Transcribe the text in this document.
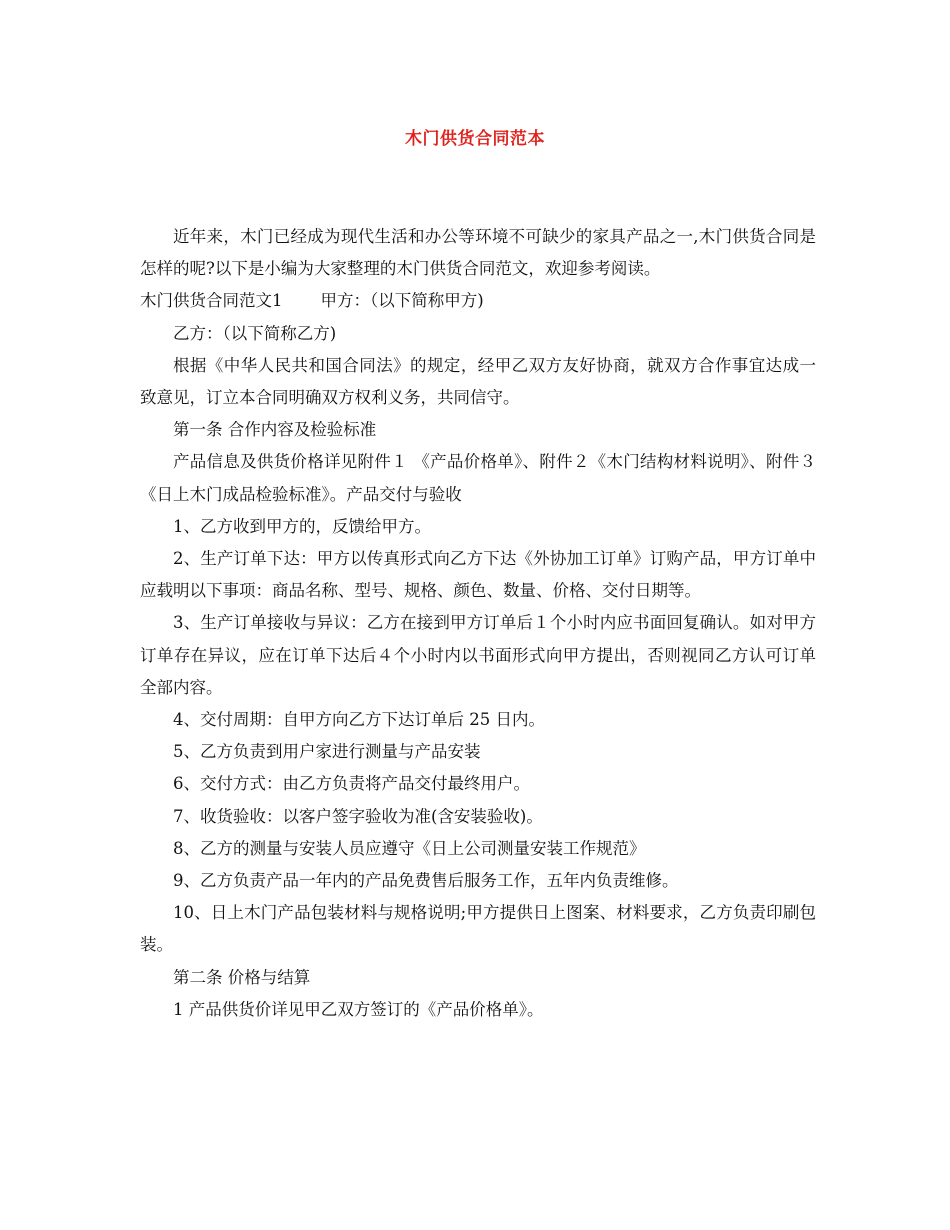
木门供货合同范本

近年来，木门已经成为现代生活和办公等环境不可缺少的家具产品之一,木门供货合同是怎样的呢?以下是小编为大家整理的木门供货合同范文，欢迎参考阅读。

木门供货合同范文1 甲方：（以下简称甲方)

乙方：（以下简称乙方)

根据《中华人民共和国合同法》的规定，经甲乙双方友好协商，就双方合作事宜达成一致意见，订立本合同明确双方权利义务，共同信守。

第一条 合作内容及检验标准

产品信息及供货价格详见附件１ 《产品价格单》、附件２《木门结构材料说明》、附件３《日上木门成品检验标准》。产品交付与验收

1、乙方收到甲方的，反馈给甲方。

2、生产订单下达：甲方以传真形式向乙方下达《外协加工订单》订购产品，甲方订单中应载明以下事项：商品名称、型号、规格、颜色、数量、价格、交付日期等。

3、生产订单接收与异议：乙方在接到甲方订单后１个小时内应书面回复确认。如对甲方订单存在异议，应在订单下达后４个小时内以书面形式向甲方提出，否则视同乙方认可订单全部内容。

4、交付周期：自甲方向乙方下达订单后 25 日内。

5、乙方负责到用户家进行测量与产品安装

6、交付方式：由乙方负责将产品交付最终用户。

7、收货验收：以客户签字验收为准(含安装验收)。

8、乙方的测量与安装人员应遵守《日上公司测量安装工作规范》

9、乙方负责产品一年内的产品免费售后服务工作，五年内负责维修。

10、日上木门产品包装材料与规格说明;甲方提供日上图案、材料要求，乙方负责印刷包装。

第二条 价格与结算

1 产品供货价详见甲乙双方签订的《产品价格单》。
